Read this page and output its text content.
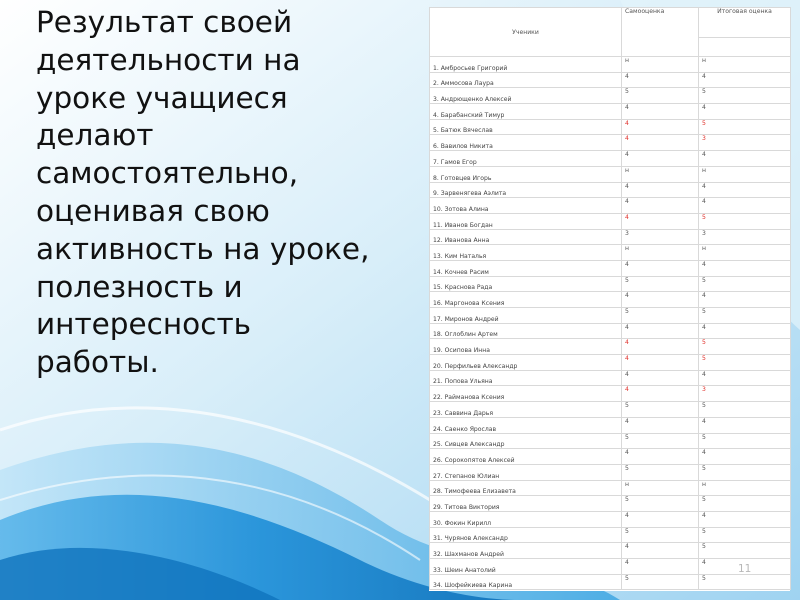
Результат своей
деятельности на
уроке учащиеся
делают
самостоятельно,
оценивая свою
активность на уроке,
полезность и
интересность
работы.
Ученики	Самооценка	Итоговая оценка

1. Амбросьев Григорий	н	н
2. Аммосова Лаура	4	4
3. Андрющенко Алексей	5	5
4. Барабанский Тимур	4	4
5. Батюк Вячеслав	4	5
6. Вавилов Никита	4	3
7. Гамов Егор	4	4
8. Готовцев Игорь	н	н
9. Зарвенягева Аэлита	4	4
10. Зотова Алина	4	4
11. Иванов Богдан	4	5
12. Иванова Анна	3	3
13. Ким Наталья	н	н
14. Кочнев Расим	4	4
15. Краснова Рада	5	5
16. Маргонова Ксения	4	4
17. Миронов Андрей	5	5
18. Оглоблин Артем	4	4
19. Осипова Инна	4	5
20. Перфильев Александр	4	5
21. Попова Ульяна	4	4
22. Райманова Ксения	4	3
23. Саввина Дарья	5	5
24. Саенко Ярослав	4	4
25. Сивцев Александр	5	5
26. Сорокопятов Алексей	4	4
27. Степанов Юлиан	5	5
28. Тимофеева Елизавета	н	н
29. Титова Виктория	5	5
30. Фокин Кирилл	4	4
31. Чурянов Александр	5	5
32. Шахманов Андрей	4	5
33. Шеин Анатолий	4	4
34. Шофейкиева Карина	5	5
11
